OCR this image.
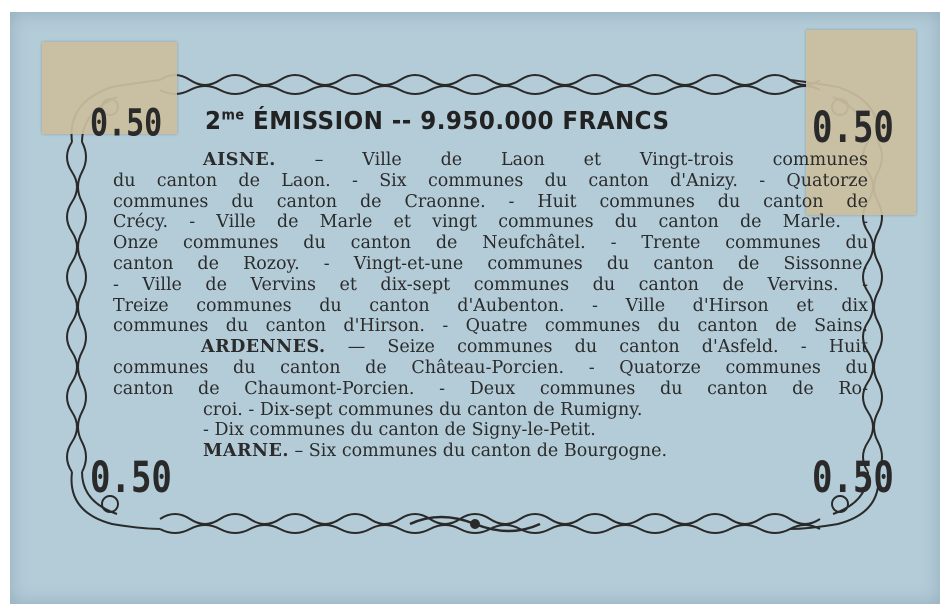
0.50	0.50
0.50	0.50
$2^{me}$ ÉMISSION -- 9.950.000 FRANCS
AISNE. – Ville de Laon et Vingt-trois communes
du canton de Laon. - Six communes du canton d'Anizy. - Quatorze
communes du canton de Craonne. - Huit communes du canton de
Crécy. - Ville de Marle et vingt communes du canton de Marle. -
Onze communes du canton de Neufchâtel. - Trente communes du
canton de Rozoy. - Vingt-et-une communes du canton de Sissonne.
- Ville de Vervins et dix-sept communes du canton de Vervins. -
Treize communes du canton d'Aubenton. - Ville d'Hirson et dix
communes du canton d'Hirson. - Quatre communes du canton de Sains.
ARDENNES. — Seize communes du canton d'Asfeld. - Huit
communes du canton de Château-Porcien. - Quatorze communes du
canton de Chaumont-Porcien. - Deux communes du canton de Ro-
croi. - Dix-sept communes du canton de Rumigny.
- Dix communes du canton de Signy-le-Petit.
MARNE. – Six communes du canton de Bourgogne.
